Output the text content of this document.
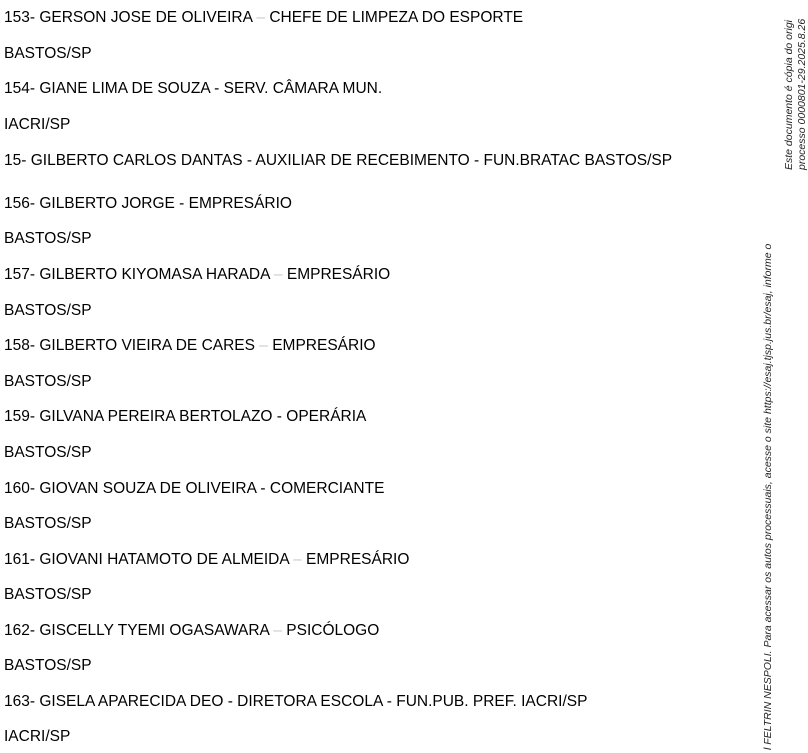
153- GERSON JOSE DE OLIVEIRA – CHEFE DE LIMPEZA DO ESPORTE
BASTOS/SP
154- GIANE LIMA DE SOUZA - SERV. CÂMARA MUN.
IACRI/SP
15- GILBERTO CARLOS DANTAS - AUXILIAR DE RECEBIMENTO - FUN.BRATAC BASTOS/SP
156- GILBERTO JORGE - EMPRESÁRIO
BASTOS/SP
157- GILBERTO KIYOMASA HARADA – EMPRESÁRIO
BASTOS/SP
158- GILBERTO VIEIRA DE CARES – EMPRESÁRIO
BASTOS/SP
159- GILVANA PEREIRA BERTOLAZO - OPERÁRIA
BASTOS/SP
160- GIOVAN SOUZA DE OLIVEIRA - COMERCIANTE
BASTOS/SP
161- GIOVANI HATAMOTO DE ALMEIDA – EMPRESÁRIO
BASTOS/SP
162- GISCELLY TYEMI OGASAWARA – PSICÓLOGO
BASTOS/SP
163- GISELA APARECIDA DEO - DIRETORA ESCOLA - FUN.PUB. PREF. IACRI/SP
IACRI/SP	l FELTRIN NESPOLI. Para acessar os autos processuais, acesse o site https://esaj.tjsp.jus.br/esaj, informe o
Este documento é cópia do origi processo 0000801-29.2025.8.26
